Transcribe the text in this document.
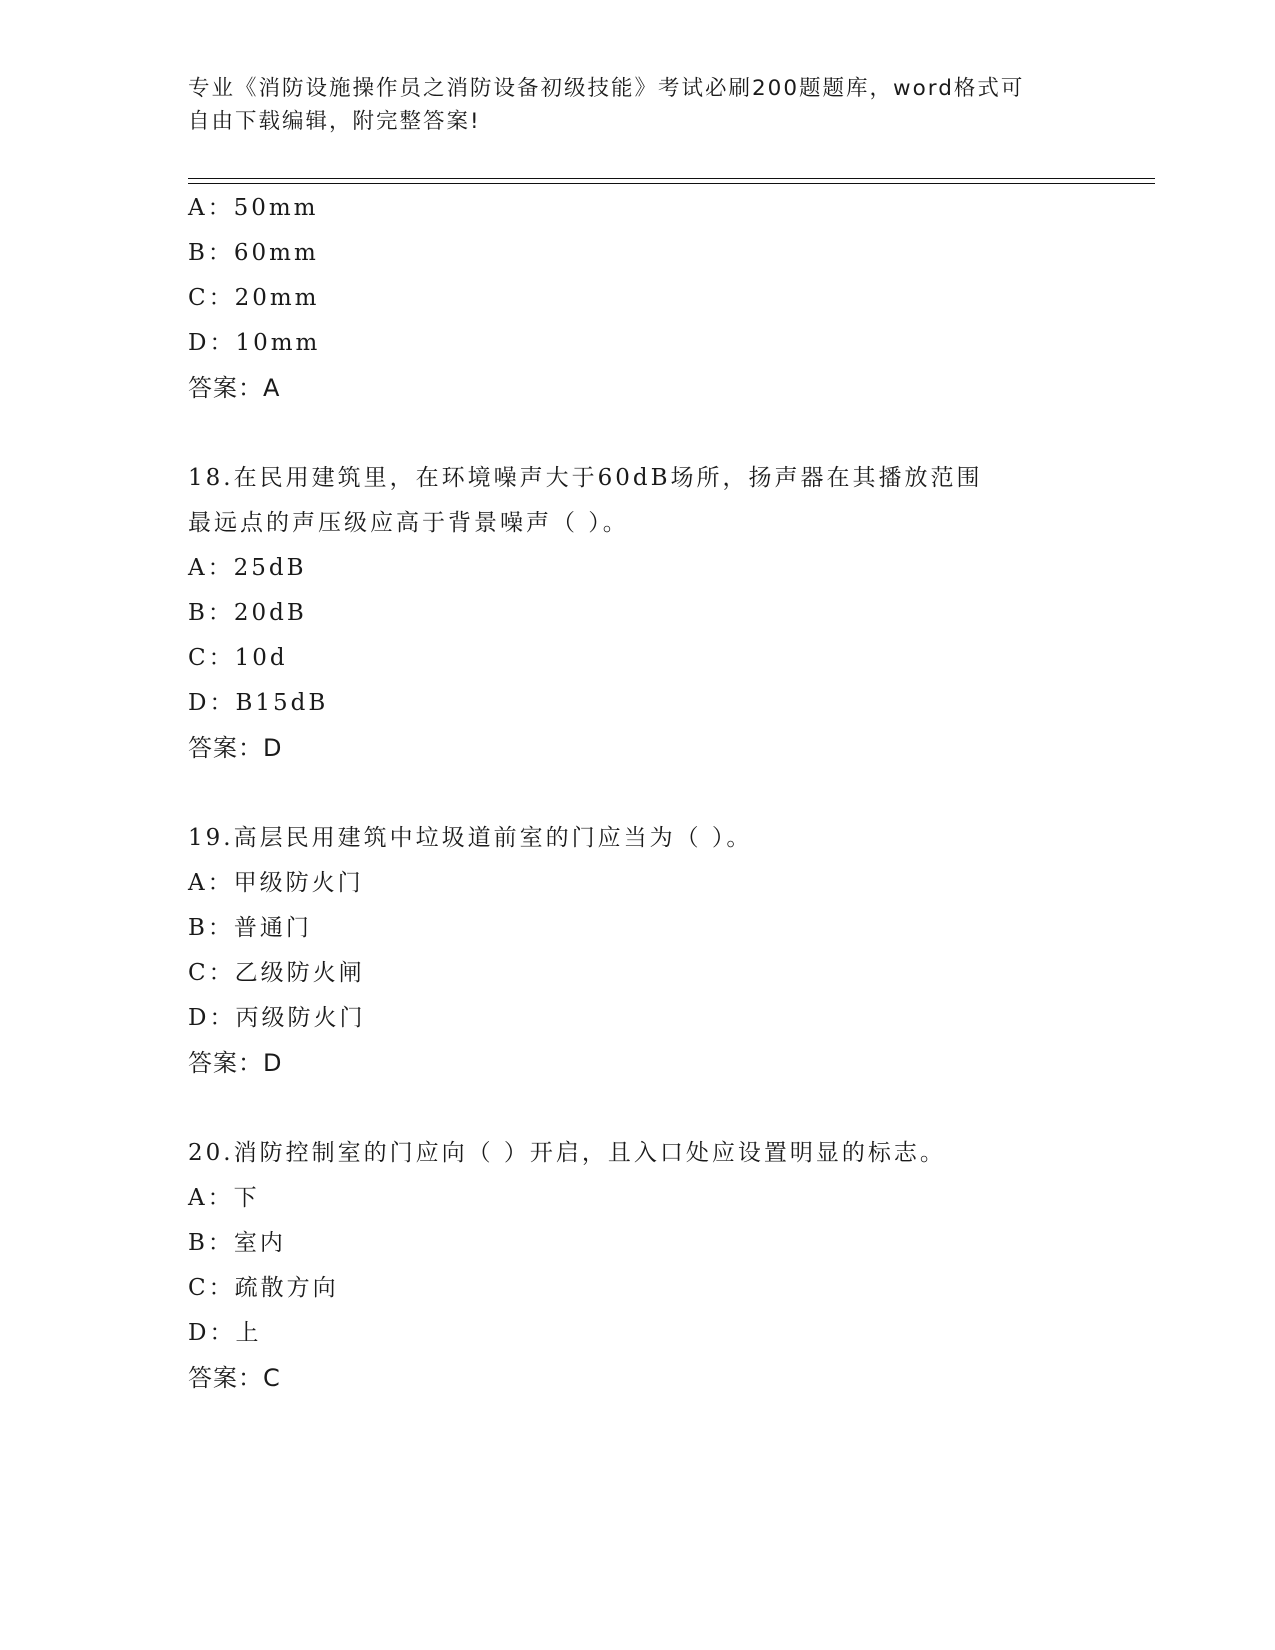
专业《消防设施操作员之消防设备初级技能》考试必刷200题题库，word格式可
自由下载编辑，附完整答案!
A：50mm
B：60mm
C：20mm
D：10mm
答案：A
18.在民用建筑里，在环境噪声大于60dB场所，扬声器在其播放范围
最远点的声压级应高于背景噪声（ ）。
A：25dB
B：20dB
C：10d
D：B15dB
答案：D
19.高层民用建筑中垃圾道前室的门应当为（ ）。
A：甲级防火门
B：普通门
C：乙级防火闸
D：丙级防火门
答案：D
20.消防控制室的门应向（ ）开启，且入口处应设置明显的标志。
A：下
B：室内
C：疏散方向
D：上
答案：C
